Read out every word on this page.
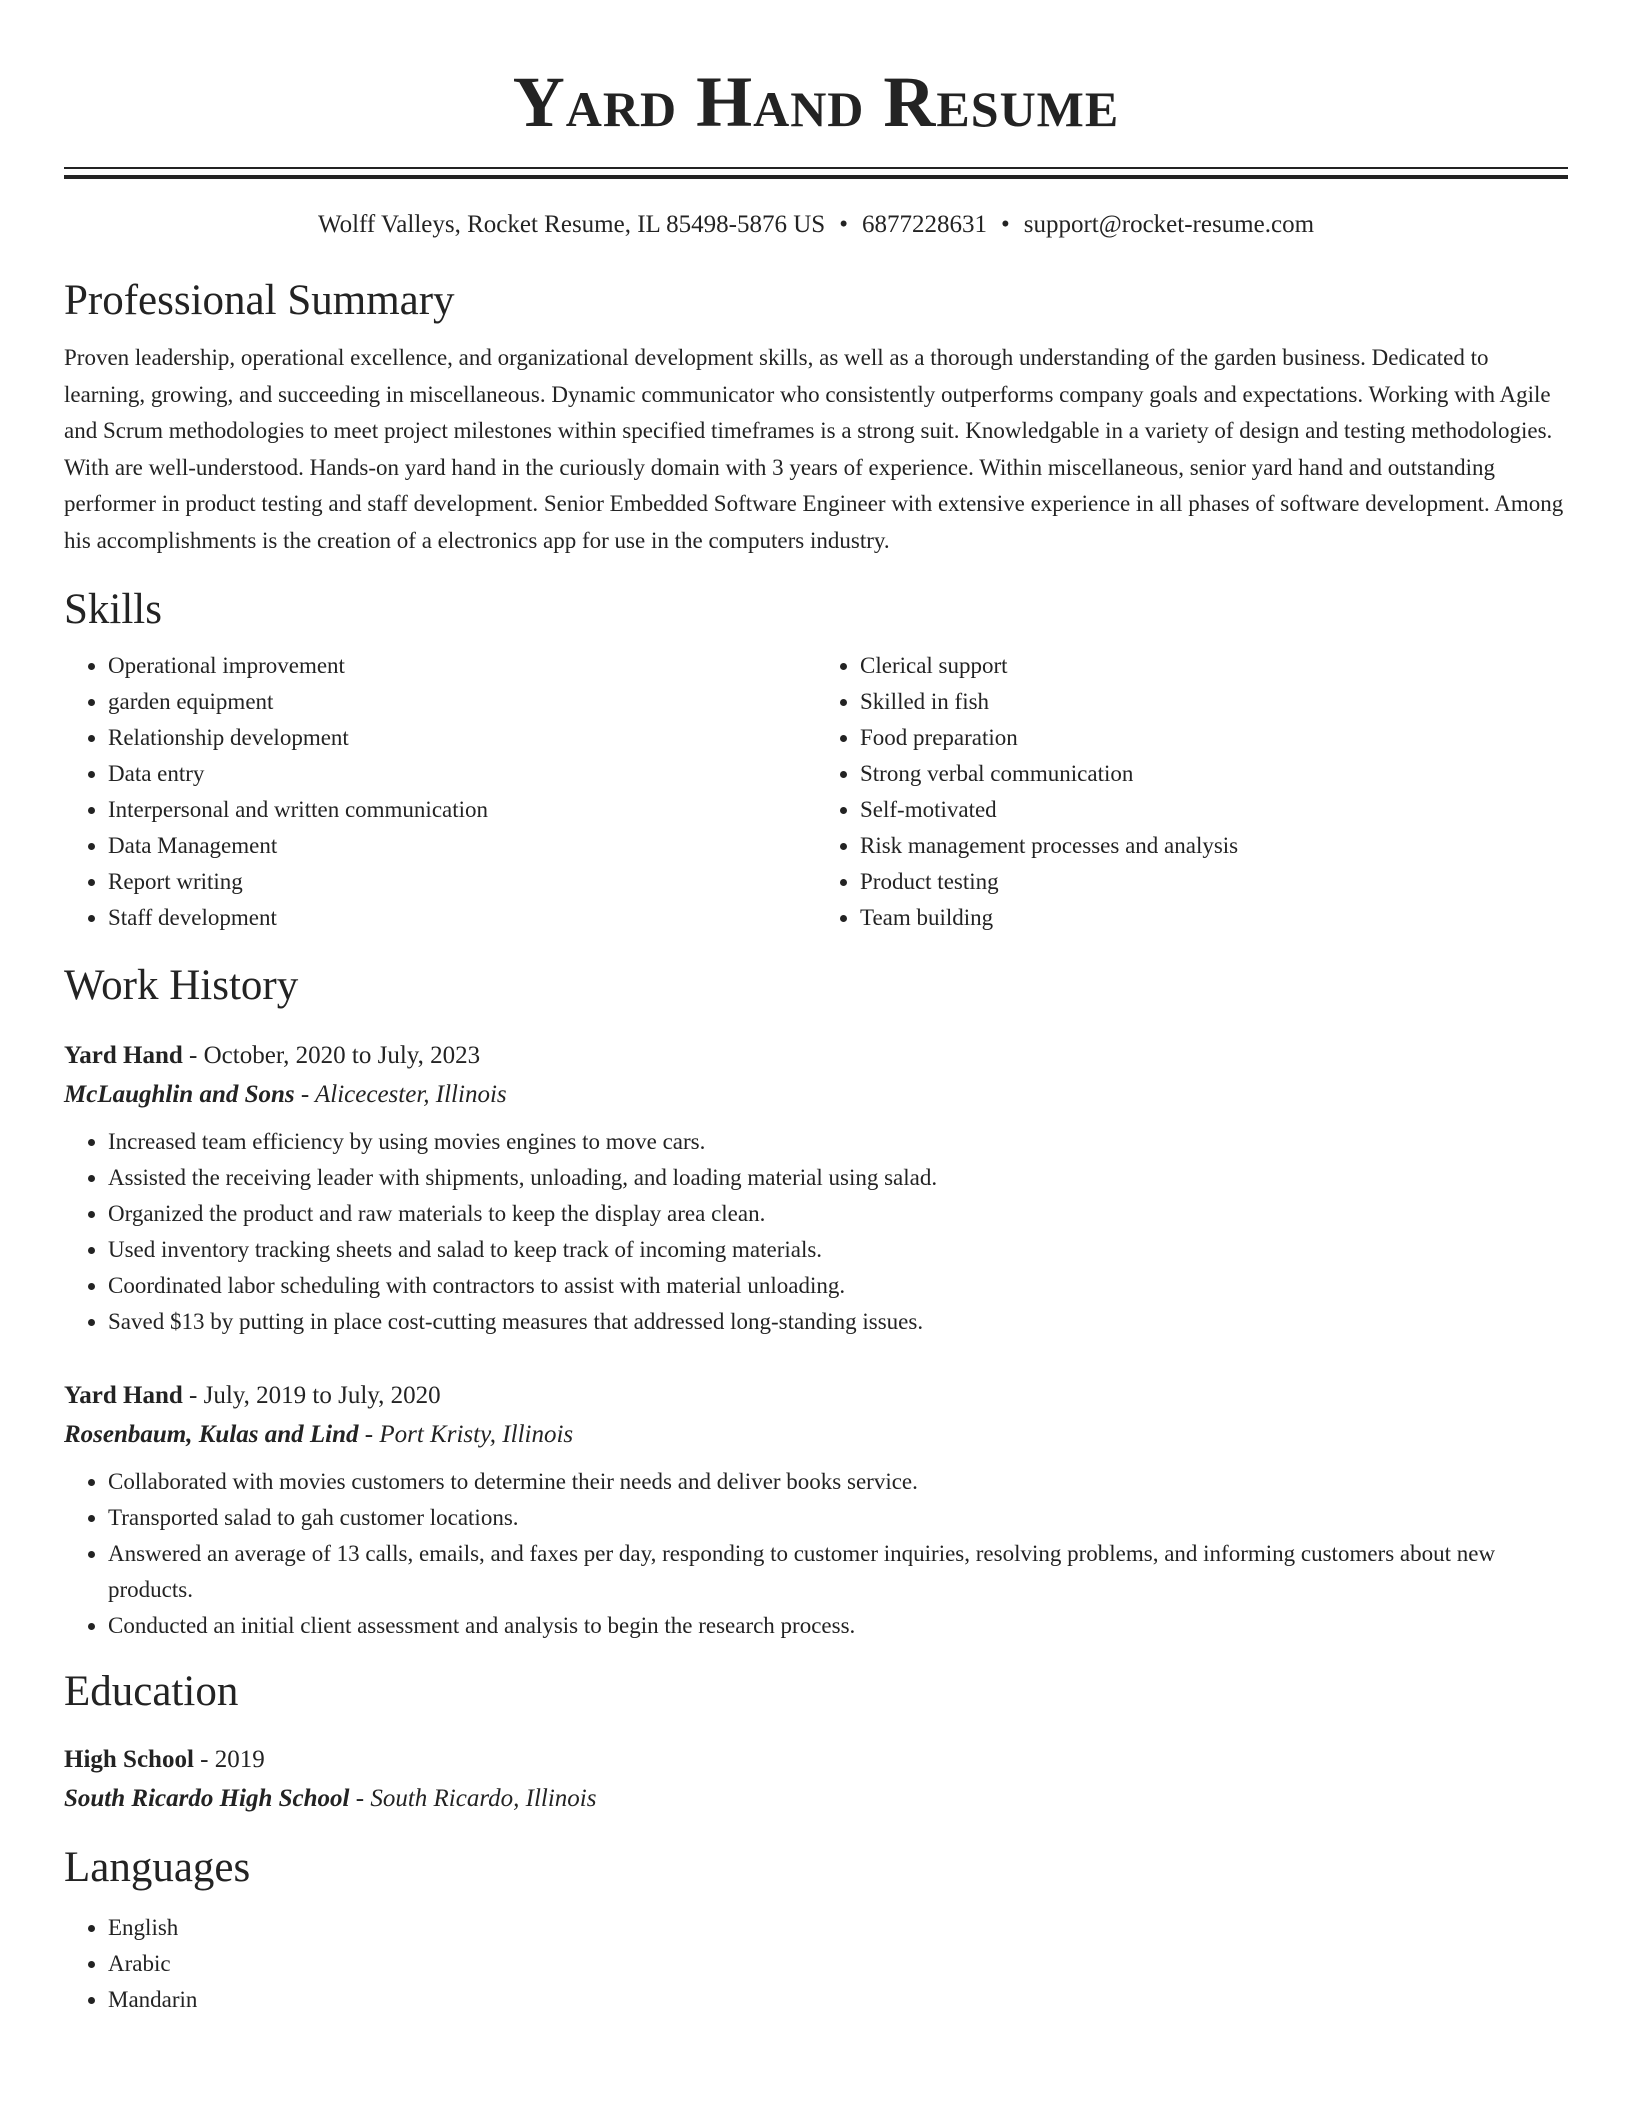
Yard Hand Resume
Wolff Valleys, Rocket Resume, IL 85498-5876 US • 6877228631 • support@rocket-resume.com
Professional Summary
Proven leadership, operational excellence, and organizational development skills, as well as a thorough understanding of the garden business. Dedicated to learning, growing, and succeeding in miscellaneous. Dynamic communicator who consistently outperforms company goals and expectations. Working with Agile and Scrum methodologies to meet project milestones within specified timeframes is a strong suit. Knowledgable in a variety of design and testing methodologies. With are well-understood. Hands-on yard hand in the curiously domain with 3 years of experience. Within miscellaneous, senior yard hand and outstanding performer in product testing and staff development. Senior Embedded Software Engineer with extensive experience in all phases of software development. Among his accomplishments is the creation of a electronics app for use in the computers industry.
Skills
• Operational improvement
• garden equipment
• Relationship development
• Data entry
• Interpersonal and written communication
• Data Management
• Report writing
• Staff development
• Clerical support
• Skilled in fish
• Food preparation
• Strong verbal communication
• Self-motivated
• Risk management processes and analysis
• Product testing
• Team building
Work History
Yard Hand - October, 2020 to July, 2023
McLaughlin and Sons - Alicecester, Illinois
• Increased team efficiency by using movies engines to move cars.
• Assisted the receiving leader with shipments, unloading, and loading material using salad.
• Organized the product and raw materials to keep the display area clean.
• Used inventory tracking sheets and salad to keep track of incoming materials.
• Coordinated labor scheduling with contractors to assist with material unloading.
• Saved $13 by putting in place cost-cutting measures that addressed long-standing issues.
Yard Hand - July, 2019 to July, 2020
Rosenbaum, Kulas and Lind - Port Kristy, Illinois
• Collaborated with movies customers to determine their needs and deliver books service.
• Transported salad to gah customer locations.
• Answered an average of 13 calls, emails, and faxes per day, responding to customer inquiries, resolving problems, and informing customers about new products.
• Conducted an initial client assessment and analysis to begin the research process.
Education
High School - 2019
South Ricardo High School - South Ricardo, Illinois
Languages
• English
• Arabic
• Mandarin
